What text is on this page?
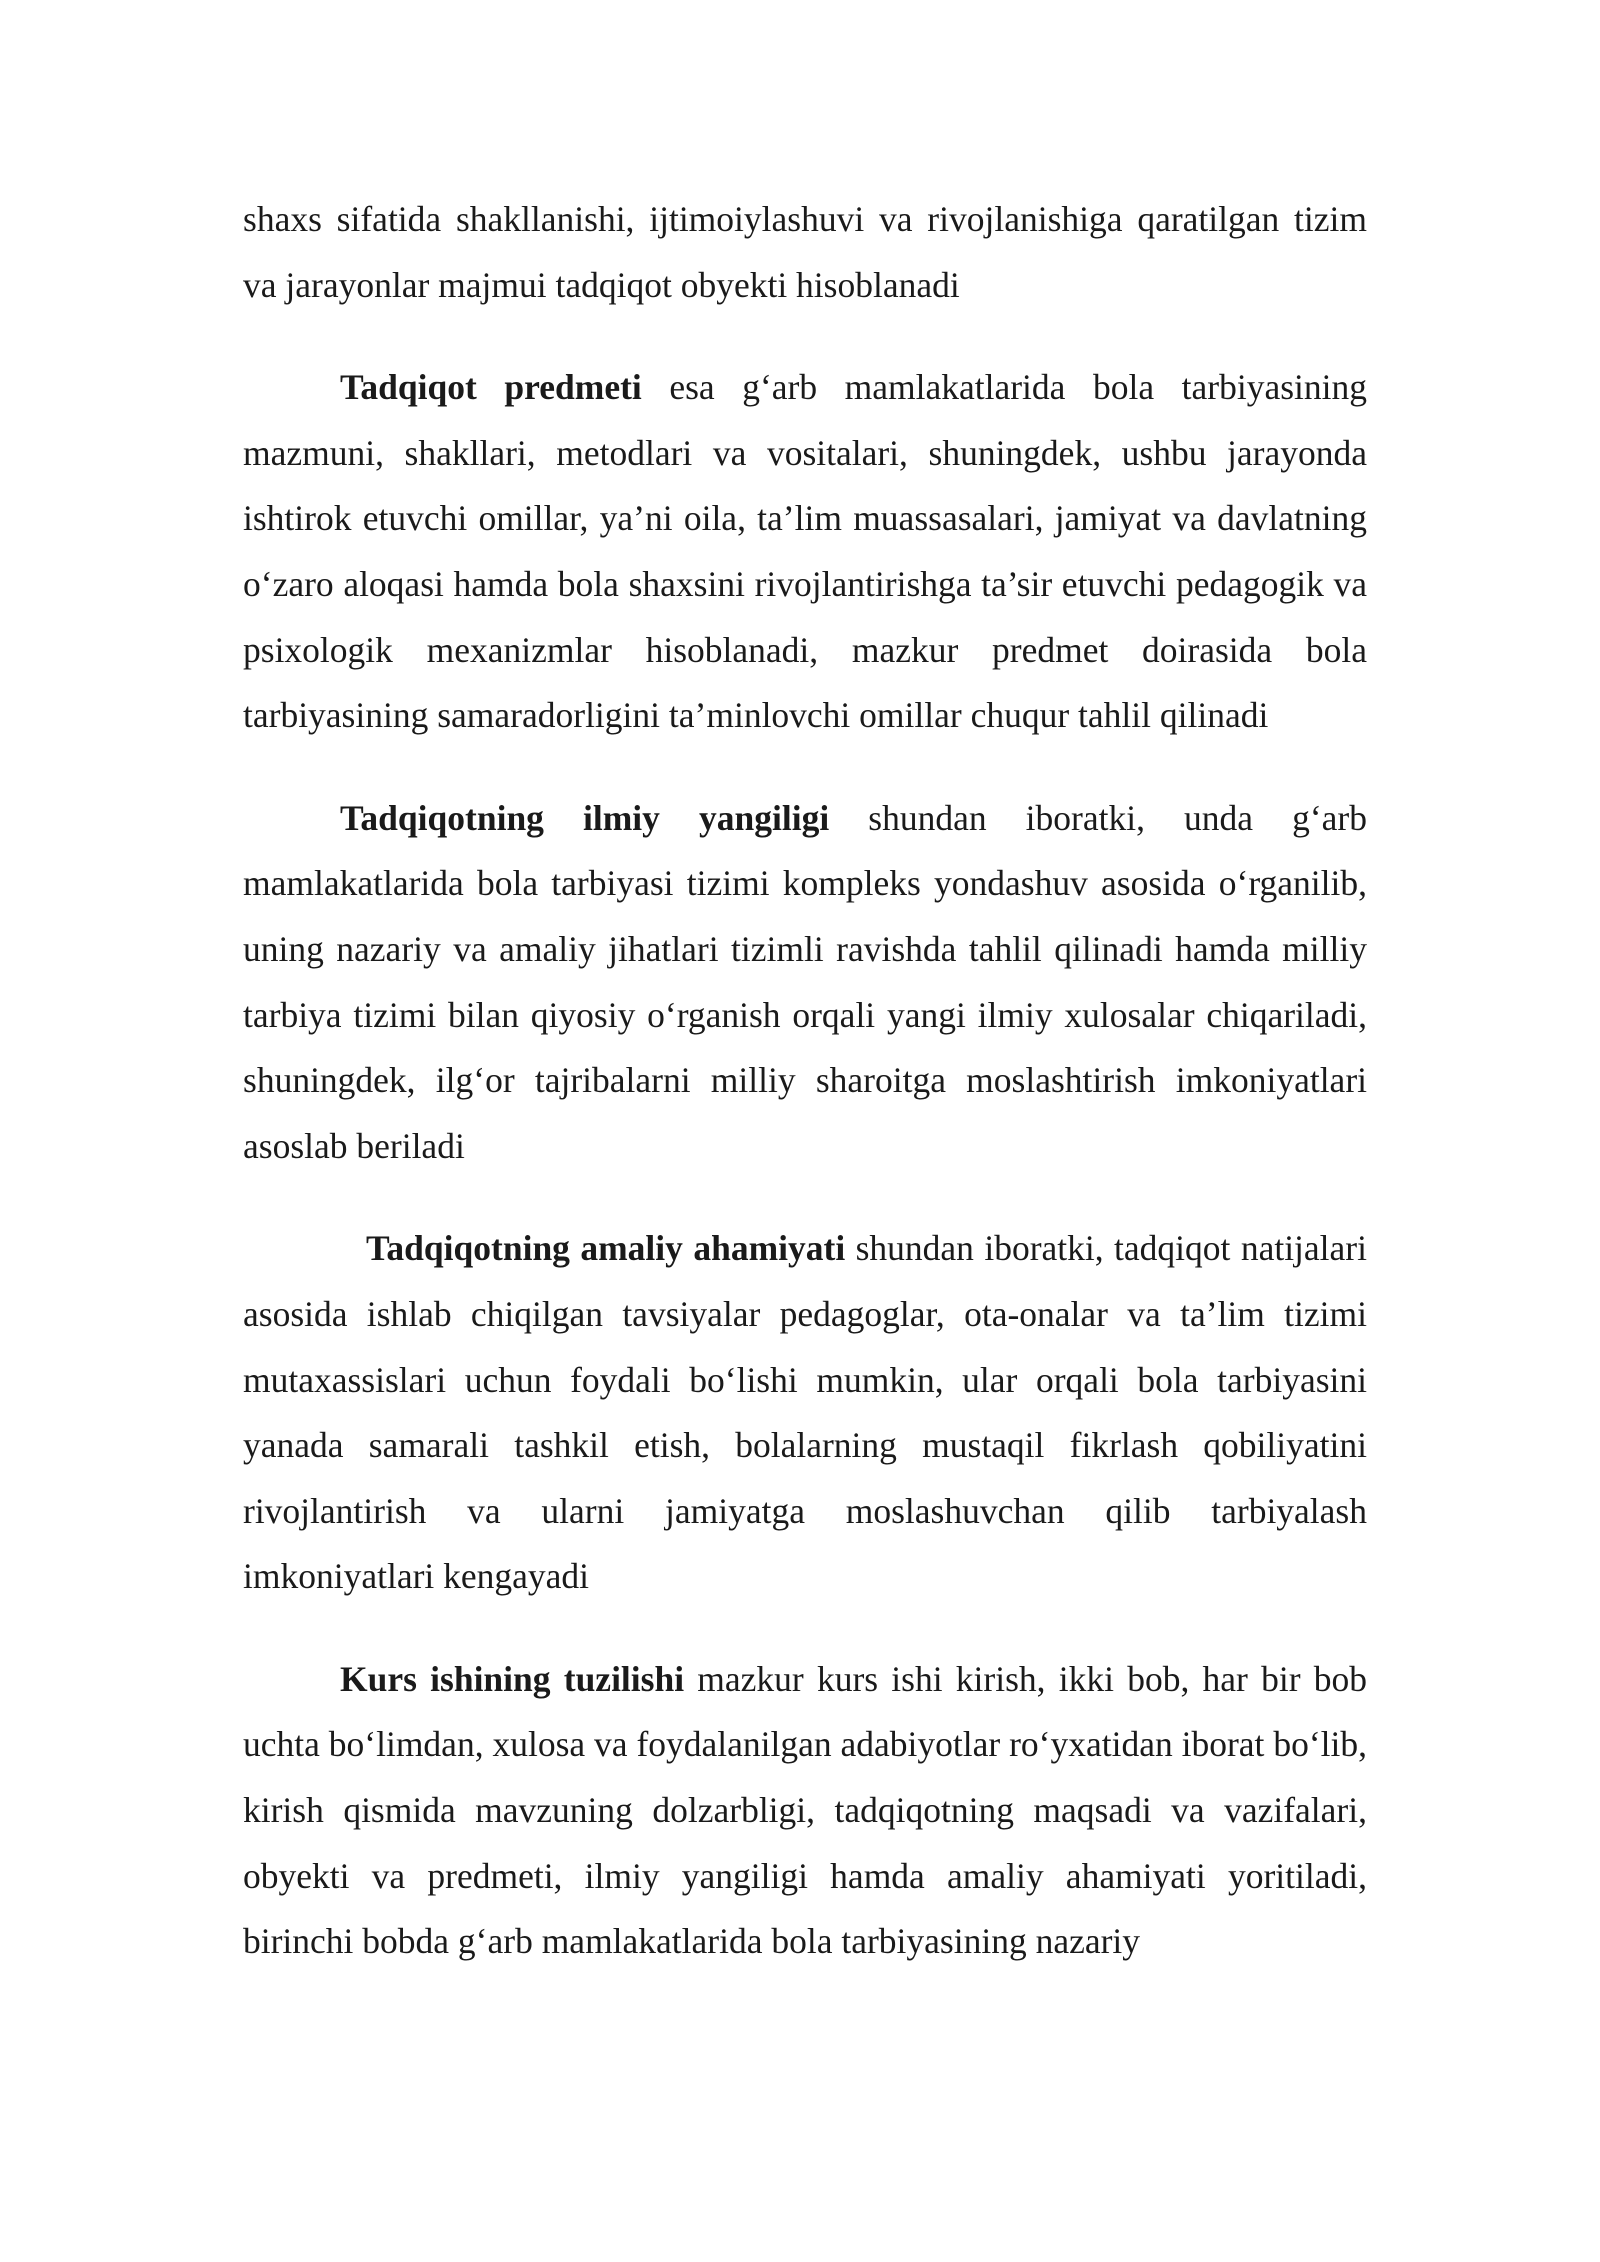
shaxs sifatida shakllanishi, ijtimoiylashuvi va rivojlanishiga qaratilgan tizim va jarayonlar majmui tadqiqot obyekti hisoblanadi

Tadqiqot predmeti esa g‘arb mamlakatlarida bola tarbiyasining mazmuni, shakllari, metodlari va vositalari, shuningdek, ushbu jarayonda ishtirok etuvchi omillar, ya’ni oila, ta’lim muassasalari, jamiyat va davlatning o‘zaro aloqasi hamda bola shaxsini rivojlantirishga ta’sir etuvchi pedagogik va psixologik mexanizmlar hisoblanadi, mazkur predmet doirasida bola tarbiyasining samaradorligini ta’minlovchi omillar chuqur tahlil qilinadi

Tadqiqotning ilmiy yangiligi shundan iboratki, unda g‘arb mamlakatlarida bola tarbiyasi tizimi kompleks yondashuv asosida o‘rganilib, uning nazariy va amaliy jihatlari tizimli ravishda tahlil qilinadi hamda milliy tarbiya tizimi bilan qiyosiy o‘rganish orqali yangi ilmiy xulosalar chiqariladi, shuningdek, ilg‘or tajribalarni milliy sharoitga moslashtirish imkoniyatlari asoslab beriladi

Tadqiqotning amaliy ahamiyati shundan iboratki, tadqiqot natijalari asosida ishlab chiqilgan tavsiyalar pedagoglar, ota-onalar va ta’lim tizimi mutaxassislari uchun foydali bo‘lishi mumkin, ular orqali bola tarbiyasini yanada samarali tashkil etish, bolalarning mustaqil fikrlash qobiliyatini rivojlantirish va ularni jamiyatga moslashuvchan qilib tarbiyalash imkoniyatlari kengayadi

Kurs ishining tuzilishi mazkur kurs ishi kirish, ikki bob, har bir bob uchta bo‘limdan, xulosa va foydalanilgan adabiyotlar ro‘yxatidan iborat bo‘lib, kirish qismida mavzuning dolzarbligi, tadqiqotning maqsadi va vazifalari, obyekti va predmeti, ilmiy yangiligi hamda amaliy ahamiyati yoritiladi, birinchi bobda g‘arb mamlakatlarida bola tarbiyasining nazariy
